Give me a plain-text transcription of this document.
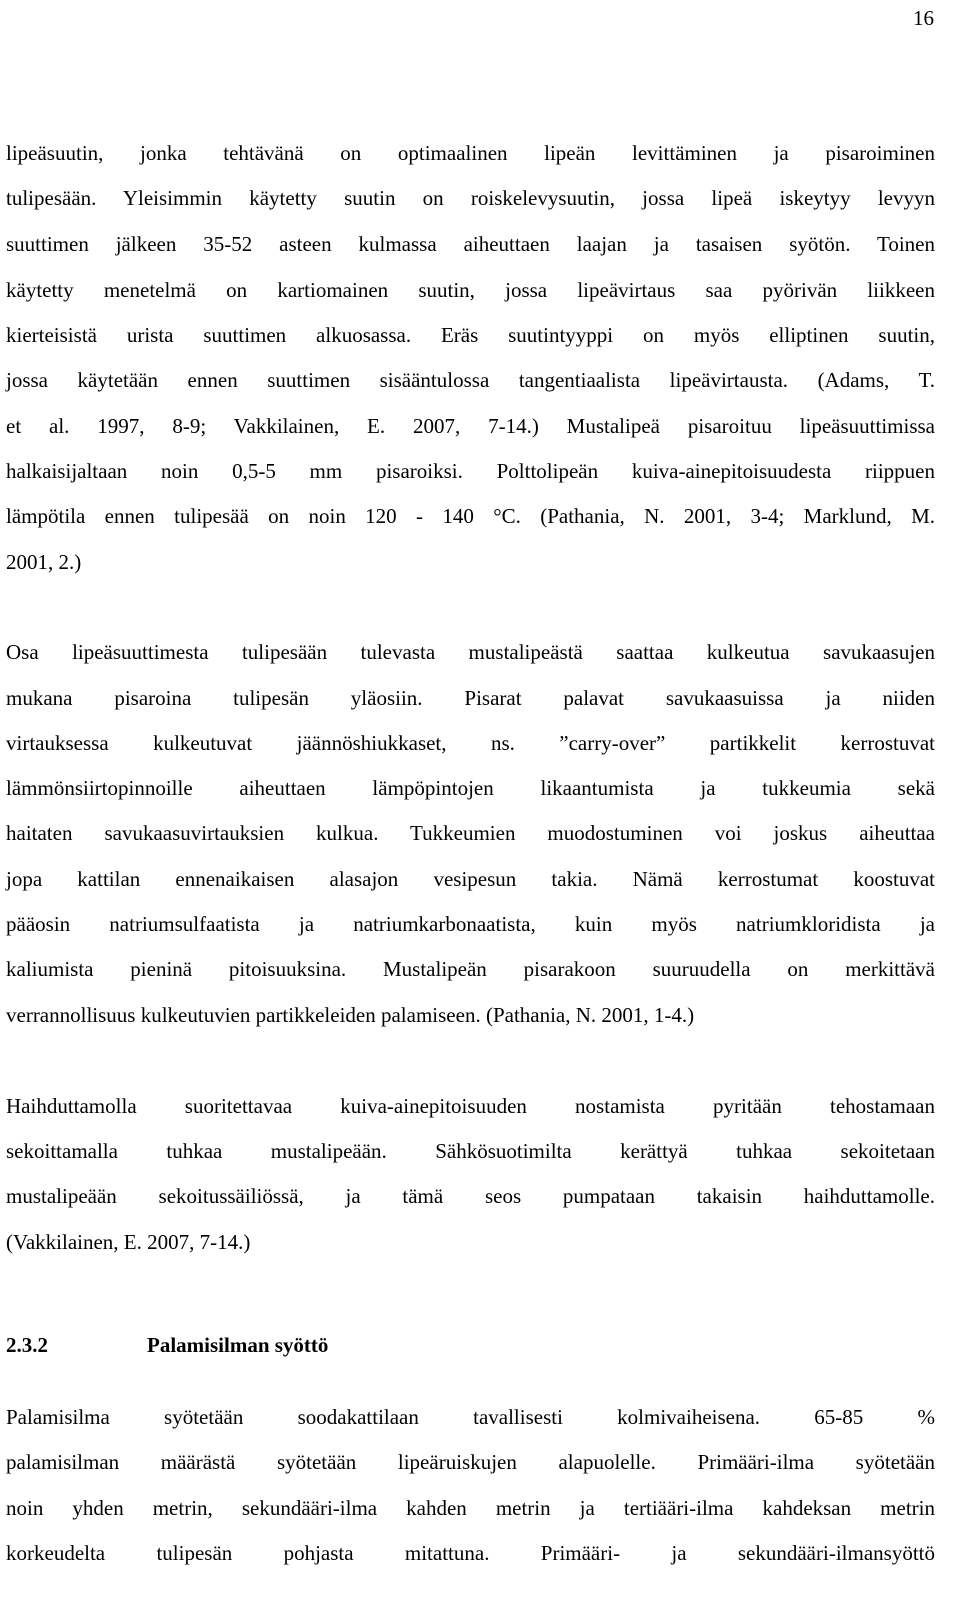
16
lipeäsuutin, jonka tehtävänä on optimaalinen lipeän levittäminen ja pisaroiminen
tulipesään. Yleisimmin käytetty suutin on roiskelevysuutin, jossa lipeä iskeytyy levyyn
suuttimen jälkeen 35-52 asteen kulmassa aiheuttaen laajan ja tasaisen syötön. Toinen
käytetty menetelmä on kartiomainen suutin, jossa lipeävirtaus saa pyörivän liikkeen
kierteisistä urista suuttimen alkuosassa. Eräs suutintyyppi on myös elliptinen suutin,
jossa käytetään ennen suuttimen sisääntulossa tangentiaalista lipeävirtausta. (Adams, T.
et al. 1997, 8-9; Vakkilainen, E. 2007, 7-14.) Mustalipeä pisaroituu lipeäsuuttimissa
halkaisijaltaan noin 0,5-5 mm pisaroiksi. Polttolipeän kuiva-ainepitoisuudesta riippuen
lämpötila ennen tulipesää on noin 120 - 140 °C. (Pathania, N. 2001, 3-4; Marklund, M.
2001, 2.)
Osa lipeäsuuttimesta tulipesään tulevasta mustalipeästä saattaa kulkeutua savukaasujen
mukana pisaroina tulipesän yläosiin. Pisarat palavat savukaasuissa ja niiden
virtauksessa kulkeutuvat jäännöshiukkaset, ns. ”carry-over” partikkelit kerrostuvat
lämmönsiirtopinnoille aiheuttaen lämpöpintojen likaantumista ja tukkeumia sekä
haitaten savukaasuvirtauksien kulkua. Tukkeumien muodostuminen voi joskus aiheuttaa
jopa kattilan ennenaikaisen alasajon vesipesun takia. Nämä kerrostumat koostuvat
pääosin natriumsulfaatista ja natriumkarbonaatista, kuin myös natriumkloridista ja
kaliumista pieninä pitoisuuksina. Mustalipeän pisarakoon suuruudella on merkittävä
verrannollisuus kulkeutuvien partikkeleiden palamiseen. (Pathania, N. 2001, 1-4.)
Haihduttamolla suoritettavaa kuiva-ainepitoisuuden nostamista pyritään tehostamaan
sekoittamalla tuhkaa mustalipeään. Sähkösuotimilta kerättyä tuhkaa sekoitetaan
mustalipeään sekoitussäiliössä, ja tämä seos pumpataan takaisin haihduttamolle.
(Vakkilainen, E. 2007, 7-14.)
2.3.2	Palamisilman syöttö
Palamisilma syötetään soodakattilaan tavallisesti kolmivaiheisena. 65-85 %
palamisilman määrästä syötetään lipeäruiskujen alapuolelle. Primääri-ilma syötetään
noin yhden metrin, sekundääri-ilma kahden metrin ja tertiääri-ilma kahdeksan metrin
korkeudelta tulipesän pohjasta mitattuna. Primääri- ja sekundääri-ilmansyöttö
